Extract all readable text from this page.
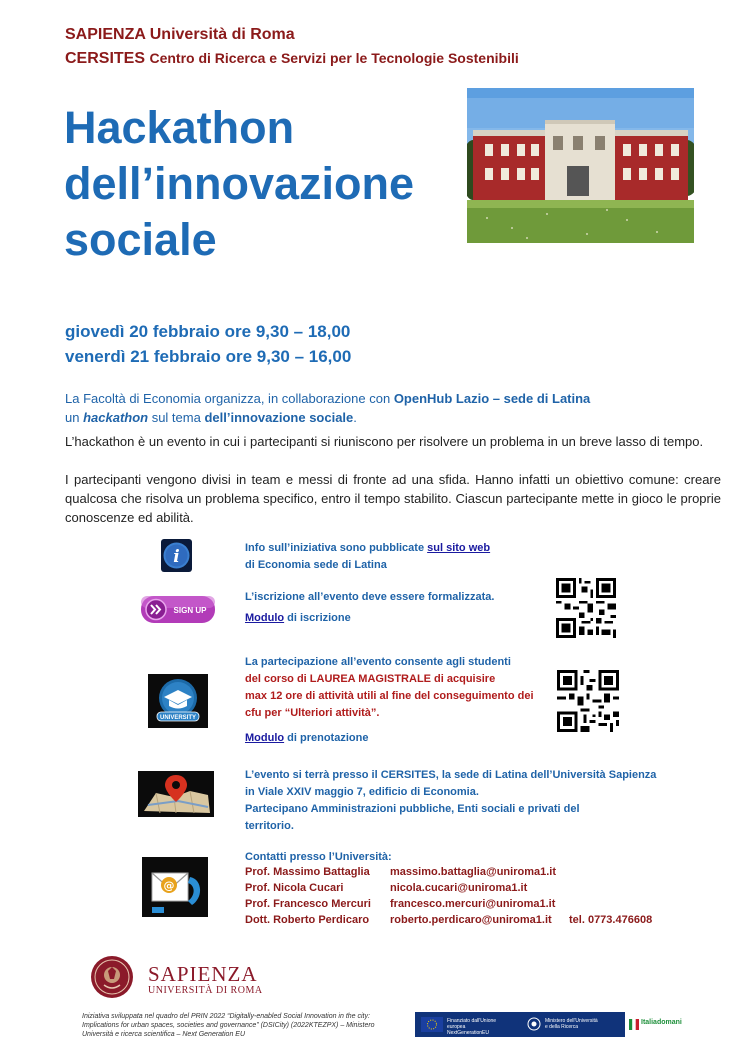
SAPIENZA Università di Roma
CERSITES Centro di Ricerca e Servizi per le Tecnologie Sostenibili
Hackathon
dell’innovazione
sociale
giovedì 20 febbraio ore 9,30 – 18,00
venerdì 21 febbraio ore 9,30 – 16,00
La Facoltà di Economia organizza, in collaborazione con OpenHub Lazio – sede di Latina
un hackathon sul tema dell’innovazione sociale.
L’hackathon è un evento in cui i partecipanti si riuniscono per risolvere un problema in un breve lasso di tempo.
I partecipanti vengono divisi in team e messi di fronte ad una sfida. Hanno infatti un obiettivo comune: creare qualcosa che risolva un problema specifico, entro il tempo stabilito. Ciascun partecipante mette in gioco le proprie conoscenze ed abilità.
i	Info sull’iniziativa sono pubblicate sul sito web
di Economia sede di Latina
SIGN UP
L’iscrizione all’evento deve essere formalizzata.
Modulo di iscrizione
UNIVERSITY
La partecipazione all’evento consente agli studenti
del corso di LAUREA MAGISTRALE di acquisire
max 12 ore di attività utili al fine del conseguimento dei
cfu per “Ulteriori attività”.
Modulo di prenotazione
L’evento si terrà presso il CERSITES, la sede di Latina dell’Università Sapienza
in Viale XXIV maggio 7, edificio di Economia.
Partecipano Amministrazioni pubbliche, Enti sociali e privati del
territorio.
@
Contatti presso l’Università:
Prof. Massimo Battaglia massimo.battaglia@uniroma1.it
Prof. Nicola Cucari	nicola.cucari@uniroma1.it
Prof. Francesco Mercuri francesco.mercuri@uniroma1.it
Dott. Roberto Perdicaro roberto.perdicaro@uniroma1.it tel. 0773.476608
SAPIENZA
UNIVERSITÀ DI ROMA
Iniziativa sviluppata nel quadro del PRIN 2022 “Digitally-enabled Social Innovation in the city: Implications for urban spaces, societies and governance” (DSICity) (2022KTEZPX) – Ministero Università e ricerca scientifica – Next Generation EU
Finanziato dall'Unione europea NextGenerationEU
Ministero dell'Università e della Ricerca
Italiadomani
